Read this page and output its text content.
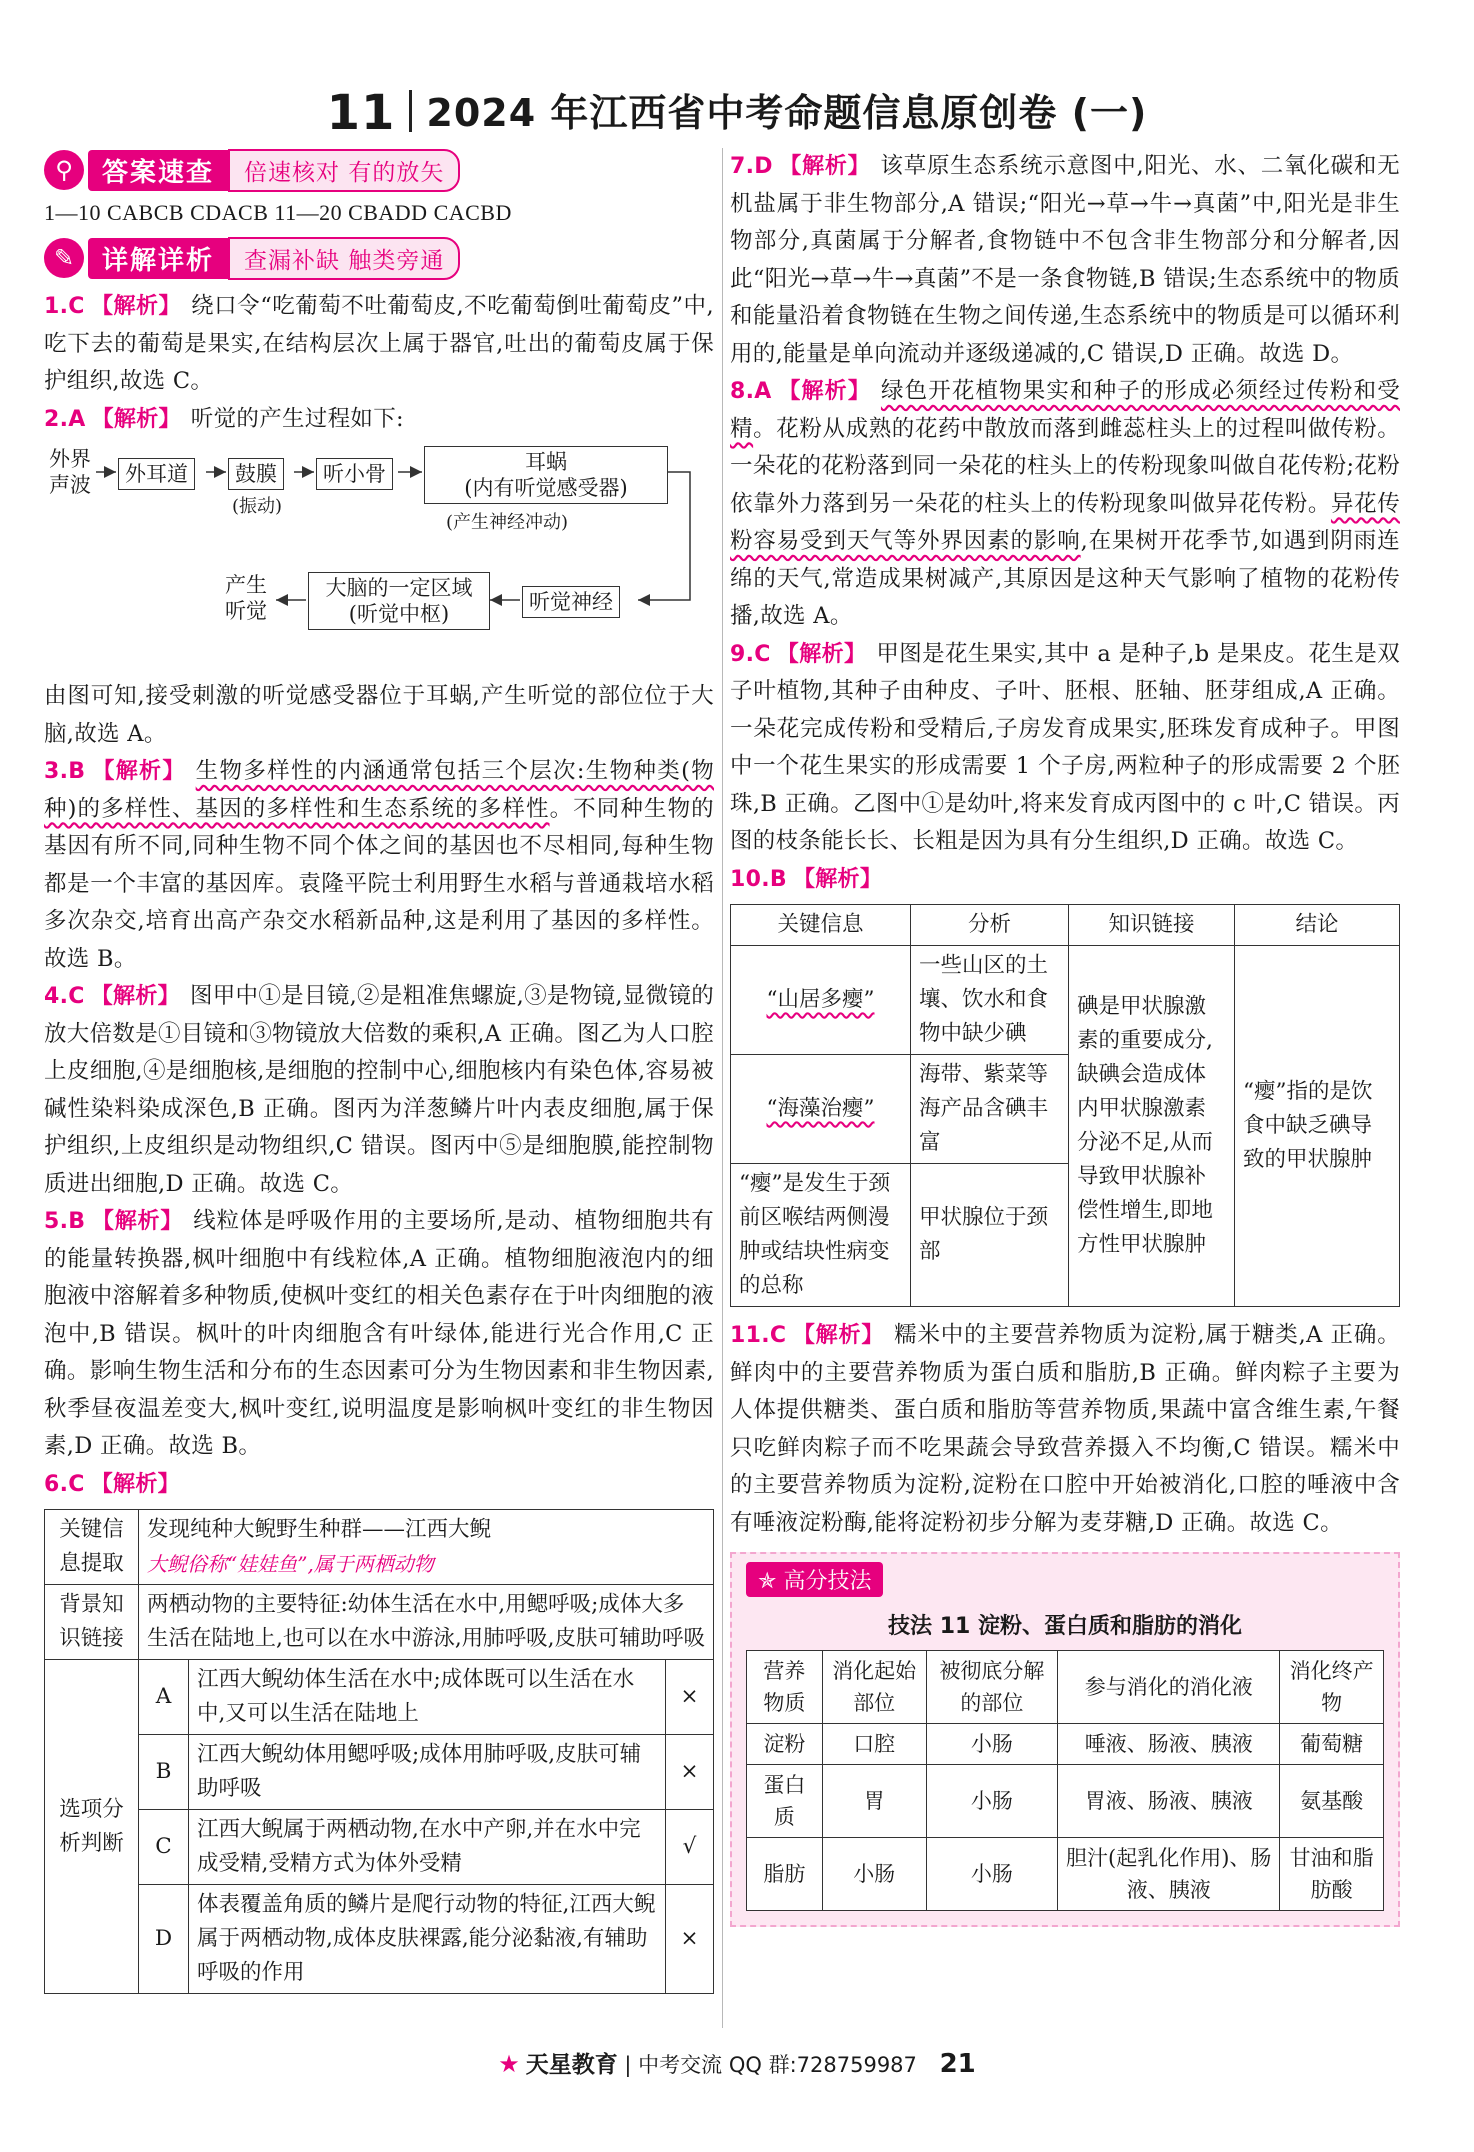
11 2024 年江西省中考命题信息原创卷 (一)
⚲	答案速查	倍速核对 有的放矢
1—10 CABCB CDACB 11—20 CBADD CACBD
✎	详解详析	查漏补缺 触类旁通

1.C 【解析】 绕口令“吃葡萄不吐葡萄皮,不吃葡萄倒吐葡萄皮”中,吃下去的葡萄是果实,在结构层次上属于器官,吐出的葡萄皮属于保护组织,故选 C。

2.A 【解析】 听觉的产生过程如下:

外界
声波	外耳道	鼓膜
(振动)
听小骨	耳蜗
(内有听觉感受器)
(产生神经冲动)
听觉神经
大脑的一定区域
(听觉中枢)
产生
听觉

由图可知,接受刺激的听觉感受器位于耳蜗,产生听觉的部位位于大脑,故选 A。

3.B 【解析】 生物多样性的内涵通常包括三个层次:生物种类(物种)的多样性、基因的多样性和生态系统的多样性。不同种生物的基因有所不同,同种生物不同个体之间的基因也不尽相同,每种生物都是一个丰富的基因库。袁隆平院士利用野生水稻与普通栽培水稻多次杂交,培育出高产杂交水稻新品种,这是利用了基因的多样性。故选 B。

4.C 【解析】 图甲中①是目镜,②是粗准焦螺旋,③是物镜,显微镜的放大倍数是①目镜和③物镜放大倍数的乘积,A 正确。图乙为人口腔上皮细胞,④是细胞核,是细胞的控制中心,细胞核内有染色体,容易被碱性染料染成深色,B 正确。图丙为洋葱鳞片叶内表皮细胞,属于保护组织,上皮组织是动物组织,C 错误。图丙中⑤是细胞膜,能控制物质进出细胞,D 正确。故选 C。

5.B 【解析】 线粒体是呼吸作用的主要场所,是动、植物细胞共有的能量转换器,枫叶细胞中有线粒体,A 正确。植物细胞液泡内的细胞液中溶解着多种物质,使枫叶变红的相关色素存在于叶肉细胞的液泡中,B 错误。枫叶的叶肉细胞含有叶绿体,能进行光合作用,C 正确。影响生物生活和分布的生态因素可分为生物因素和非生物因素,秋季昼夜温差变大,枫叶变红,说明温度是影响枫叶变红的非生物因素,D 正确。故选 B。

6.C 【解析】

关键信息提取	发现纯种大鲵野生种群——江西大鲵
大鲵俗称“娃娃鱼”,属于两栖动物		

背景知识链接	两栖动物的主要特征:幼体生活在水中,用鳃呼吸;成体大多生活在陆地上,也可以在水中游泳,用肺呼吸,皮肤可辅助呼吸		
选项分析判断	A	江西大鲵幼体生活在水中;成体既可以生活在水中,又可以生活在陆地上	×
	B	江西大鲵幼体用鳃呼吸;成体用肺呼吸,皮肤可辅助呼吸	×
	C	江西大鲵属于两栖动物,在水中产卵,并在水中完成受精,受精方式为体外受精	√
	D	体表覆盖角质的鳞片是爬行动物的特征,江西大鲵属于两栖动物,成体皮肤裸露,能分泌黏液,有辅助呼吸的作用	×

7.D 【解析】 该草原生态系统示意图中,阳光、水、二氧化碳和无机盐属于非生物部分,A 错误;“阳光→草→牛→真菌”中,阳光是非生物部分,真菌属于分解者,食物链中不包含非生物部分和分解者,因此“阳光→草→牛→真菌”不是一条食物链,B 错误;生态系统中的物质和能量沿着食物链在生物之间传递,生态系统中的物质是可以循环利用的,能量是单向流动并逐级递减的,C 错误,D 正确。故选 D。

8.A 【解析】 绿色开花植物果实和种子的形成必须经过传粉和受精。花粉从成熟的花药中散放而落到雌蕊柱头上的过程叫做传粉。一朵花的花粉落到同一朵花的柱头上的传粉现象叫做自花传粉;花粉依靠外力落到另一朵花的柱头上的传粉现象叫做异花传粉。异花传粉容易受到天气等外界因素的影响,在果树开花季节,如遇到阴雨连绵的天气,常造成果树减产,其原因是这种天气影响了植物的花粉传播,故选 A。

9.C 【解析】 甲图是花生果实,其中 a 是种子,b 是果皮。花生是双子叶植物,其种子由种皮、子叶、胚根、胚轴、胚芽组成,A 正确。一朵花完成传粉和受精后,子房发育成果实,胚珠发育成种子。甲图中一个花生果实的形成需要 1 个子房,两粒种子的形成需要 2 个胚珠,B 正确。乙图中①是幼叶,将来发育成丙图中的 c 叶,C 错误。丙图的枝条能长长、长粗是因为具有分生组织,D 正确。故选 C。

10.B 【解析】

关键信息	分析	知识链接	结论
“山居多瘿”	一些山区的土壤、饮水和食物中缺少碘	碘是甲状腺激素的重要成分,缺碘会造成体内甲状腺激素分泌不足,从而导致甲状腺补偿性增生,即地方性甲状腺肿	“瘿”指的是饮食中缺乏碘导致的甲状腺肿
“海藻治瘿”	海带、紫菜等海产品含碘丰富		
“瘿”是发生于颈前区喉结两侧漫肿或结块性病变的总称	甲状腺位于颈部		

11.C 【解析】 糯米中的主要营养物质为淀粉,属于糖类,A 正确。鲜肉中的主要营养物质为蛋白质和脂肪,B 正确。鲜肉粽子主要为人体提供糖类、蛋白质和脂肪等营养物质,果蔬中富含维生素,午餐只吃鲜肉粽子而不吃果蔬会导致营养摄入不均衡,C 错误。糯米中的主要营养物质为淀粉,淀粉在口腔中开始被消化,口腔的唾液中含有唾液淀粉酶,能将淀粉初步分解为麦芽糖,D 正确。故选 C。

✯ 高分技法
技法 11 淀粉、蛋白质和脂肪的消化
营养物质	消化起始部位	被彻底分解的部位	参与消化的消化液	消化终产物
淀粉	口腔	小肠	唾液、肠液、胰液	葡萄糖
蛋白质	胃	小肠	胃液、肠液、胰液	氨基酸
脂肪	小肠	小肠	胆汁(起乳化作用)、肠液、胰液	甘油和脂肪酸
★ 天星教育 | 中考交流 QQ 群:728759987 21
